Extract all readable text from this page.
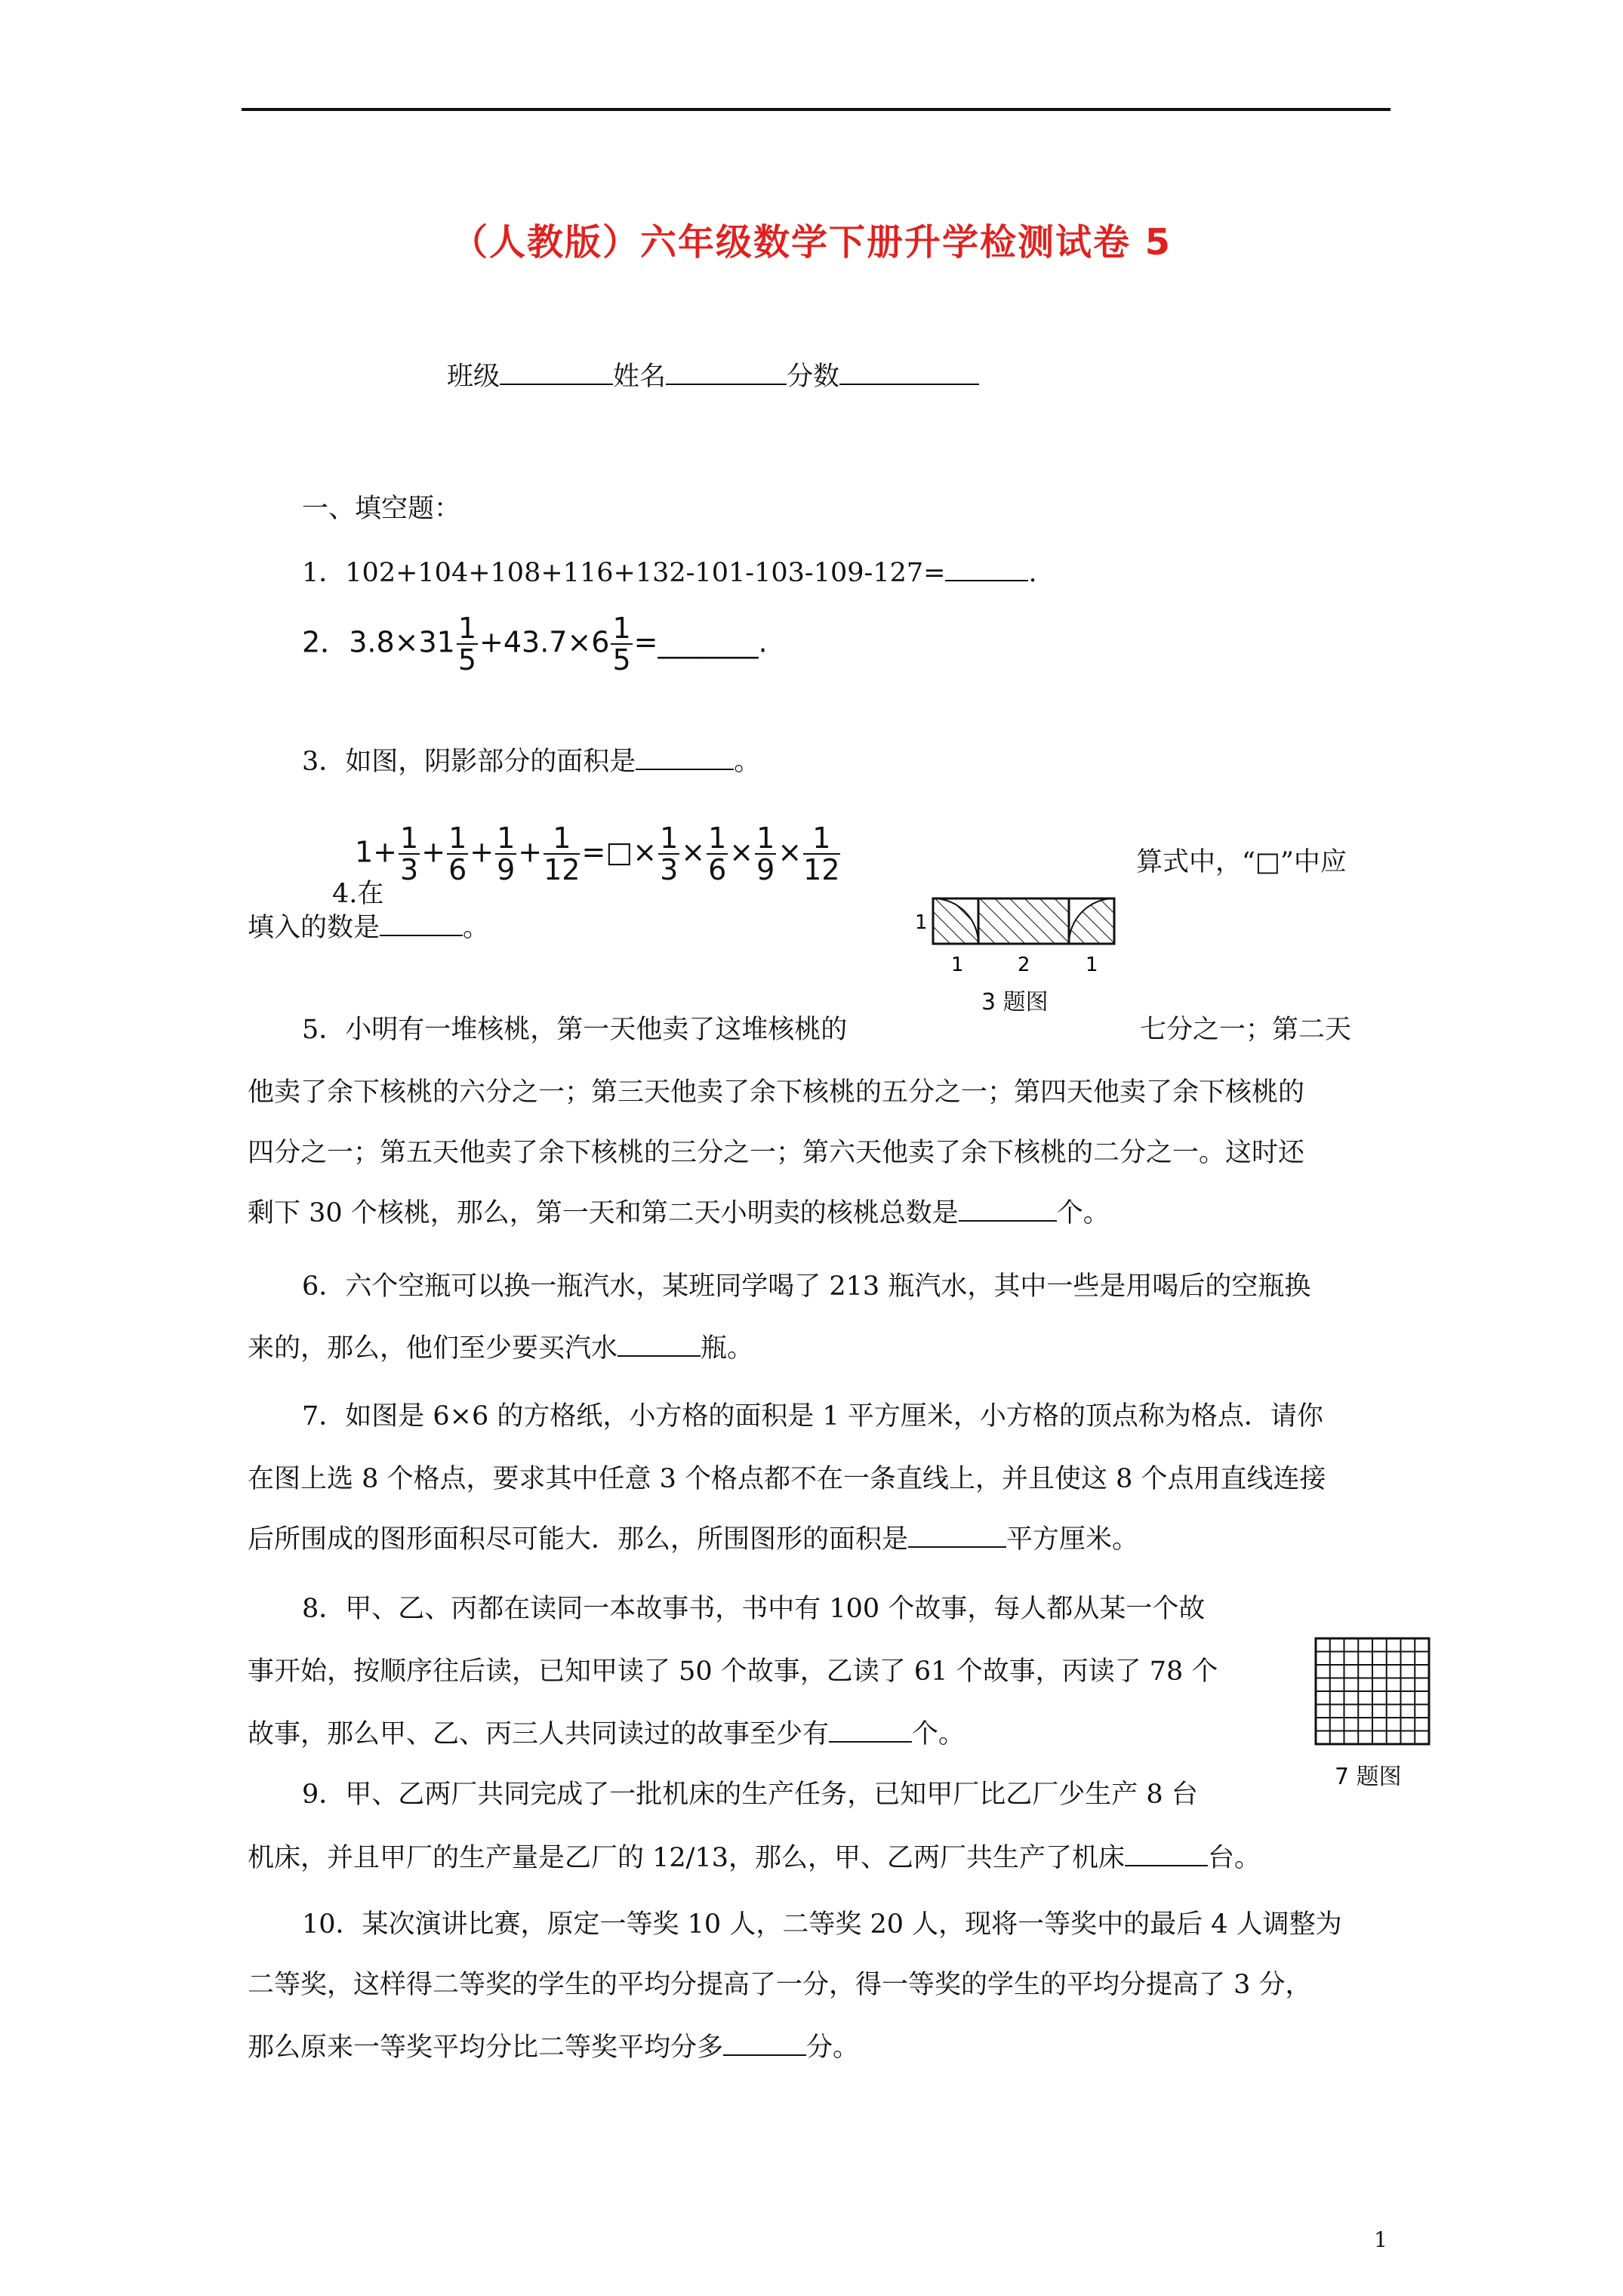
（人教版）六年级数学下册升学检测试卷 5
班级	姓名	分数
一、填空题：
1．102+104+108+116+132-101-103-109-127=	.
2．$3.8\times 31 \frac{1}{5} +43.7\times 6 \frac{1}{5}$ =_______.
3．如图，阴影部分的面积是	。
$1+ \frac{1}{3} + \frac{1}{6} + \frac{1}{9} + \frac{1}{12}$ =□× $\frac{1}{3} \times \frac{1}{6} \times \frac{1}{9} \times \frac{1}{12}$
4.在
算式中，“□”中应
填入的数是	。	1
1	2	1
3 题图
5．小明有一堆核桃，第一天他卖了这堆核桃的	七分之一；第二天
他卖了余下核桃的六分之一；第三天他卖了余下核桃的五分之一；第四天他卖了余下核桃的
四分之一；第五天他卖了余下核桃的三分之一；第六天他卖了余下核桃的二分之一。这时还
剩下 30 个核桃，那么，第一天和第二天小明卖的核桃总数是	个。
6．六个空瓶可以换一瓶汽水，某班同学喝了 213 瓶汽水，其中一些是用喝后的空瓶换
来的，那么，他们至少要买汽水	瓶。
7．如图是 6×6 的方格纸，小方格的面积是 1 平方厘米，小方格的顶点称为格点．请你
在图上选 8 个格点，要求其中任意 3 个格点都不在一条直线上，并且使这 8 个点用直线连接
后所围成的图形面积尽可能大．那么，所围图形的面积是	平方厘米。
8．甲、乙、丙都在读同一本故事书，书中有 100 个故事，每人都从某一个故
事开始，按顺序往后读，已知甲读了 50 个故事，乙读了 61 个故事，丙读了 78 个
故事，那么甲、乙、丙三人共同读过的故事至少有	个。
7 题图
9．甲、乙两厂共同完成了一批机床的生产任务，已知甲厂比乙厂少生产 8 台
机床，并且甲厂的生产量是乙厂的 12/13，那么，甲、乙两厂共生产了机床	台。
10．某次演讲比赛，原定一等奖 10 人，二等奖 20 人，现将一等奖中的最后 4 人调整为
二等奖，这样得二等奖的学生的平均分提高了一分，得一等奖的学生的平均分提高了 3 分，
那么原来一等奖平均分比二等奖平均分多	分。
1
